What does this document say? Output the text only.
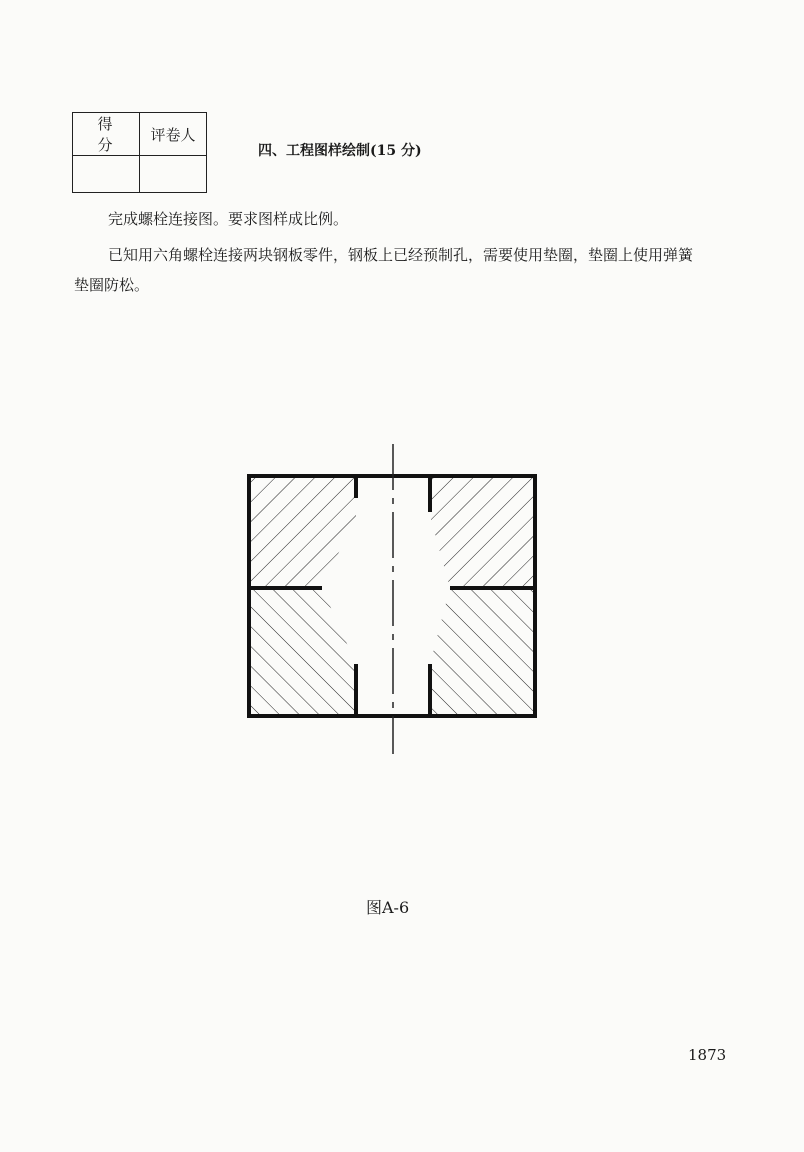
得 分	评卷人

四、工程图样绘制(15 分)
完成螺栓连接图。要求图样成比例。
已知用六角螺栓连接两块钢板零件，钢板上已经预制孔，需要使用垫圈，垫圈上使用弹簧
垫圈防松。
图A-6
1873
